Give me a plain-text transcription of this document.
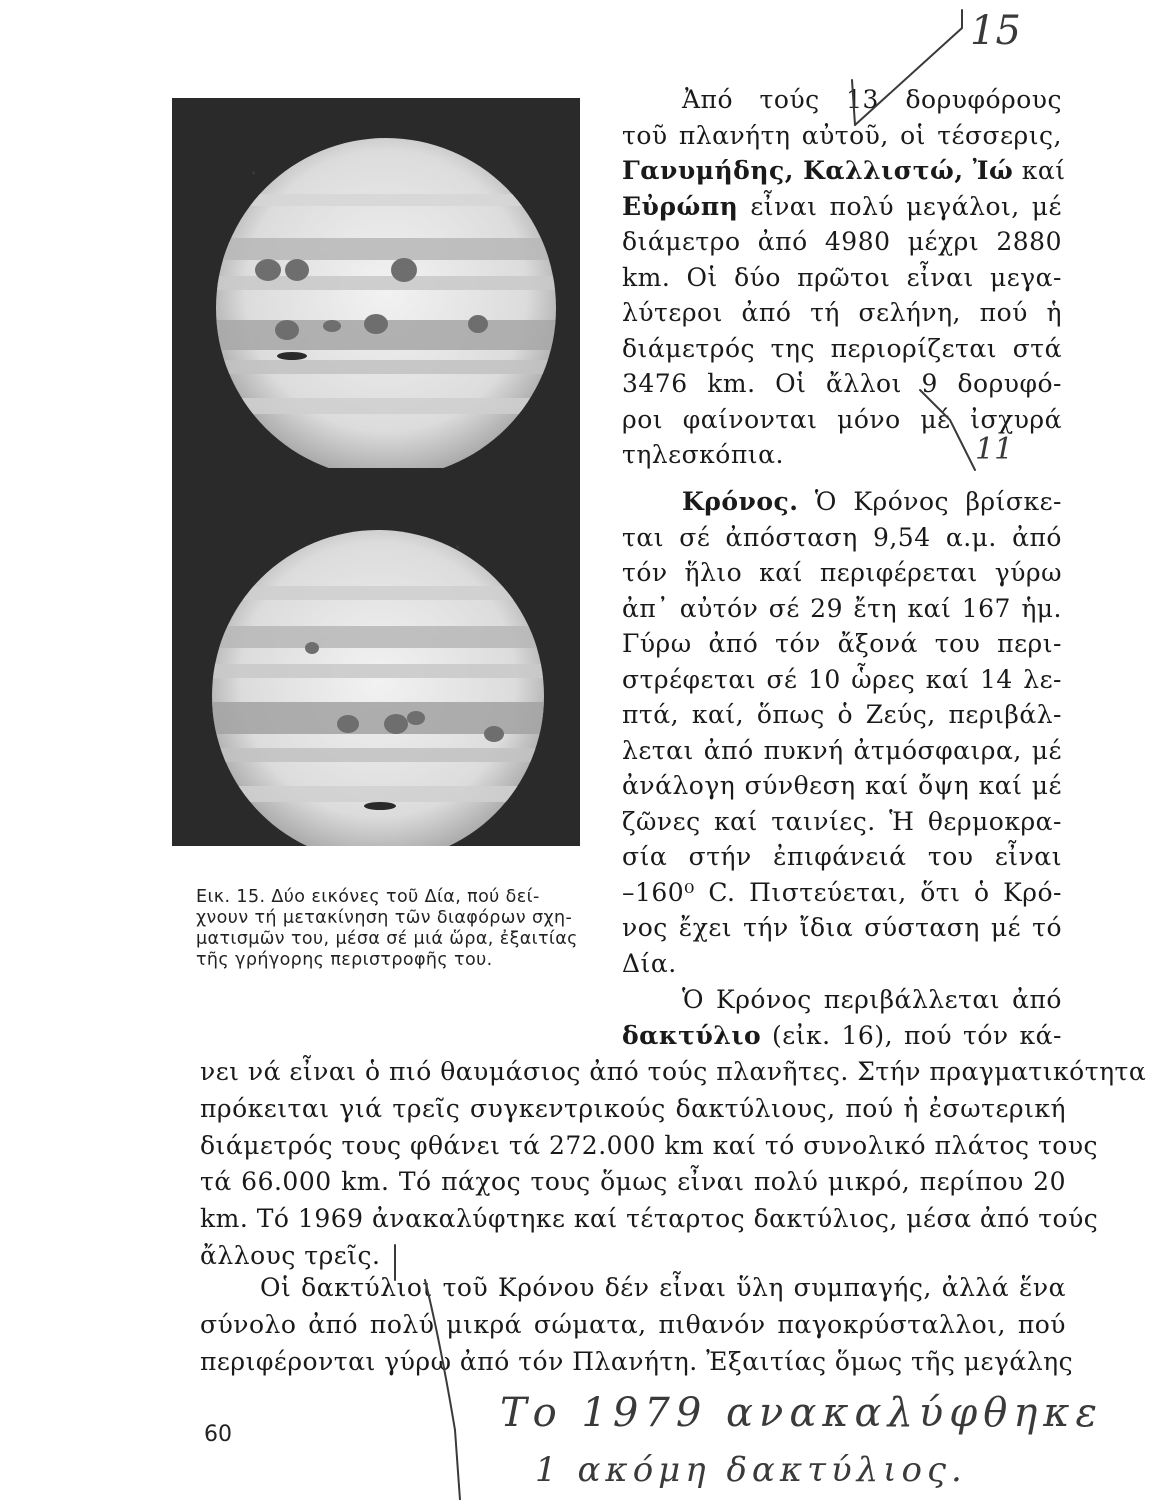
Εικ. 15. Δύο εικόνες τοῦ Δία, πού δεί-
χνουν τή μετακίνηση τῶν διαφόρων σχη-
ματισμῶν του, μέσα σέ μιά ὥρα, ἐξαιτίας
τῆς γρήγορης περιστροφῆς του.
Ἀπό τούς 13 δορυφόρους
τοῦ πλανήτη αὐτοῦ, οἱ τέσσερις,
Γανυμήδης, Καλλιστώ, Ἰώ καί
Εὐρώπη εἶναι πολύ μεγάλοι, μέ
διάμετρο ἀπό 4980 μέχρι 2880
km. Οἱ δύο πρῶτοι εἶναι μεγα-
λύτεροι ἀπό τή σελήνη, πού ἡ
διάμετρός της περιορίζεται στά
3476 km. Οἱ ἄλλοι 9 δορυφό-
ροι φαίνονται μόνο μέ ἰσχυρά
τηλεσκόπια.
Κρόνος. Ὁ Κρόνος βρίσκε-
ται σέ ἀπόσταση 9,54 α.μ. ἀπό
τόν ἥλιο καί περιφέρεται γύρω
ἀπ᾽ αὐτόν σέ 29 ἔτη καί 167 ἡμ.
Γύρω ἀπό τόν ἄξονά του περι-
στρέφεται σέ 10 ὧρες καί 14 λε-
πτά, καί, ὅπως ὁ Ζεύς, περιβάλ-
λεται ἀπό πυκνή ἀτμόσφαιρα, μέ
ἀνάλογη σύνθεση καί ὄψη καί μέ
ζῶνες καί ταινίες. Ἡ θερμοκρα-
σία στήν ἐπιφάνειά του εἶναι
–160⁰ C. Πιστεύεται, ὅτι ὁ Κρό-
νος ἔχει τήν ἴδια σύσταση μέ τό
Δία.
Ὁ Κρόνος περιβάλλεται ἀπό
δακτύλιο (εἰκ. 16), πού τόν κά-
νει νά εἶναι ὁ πιό θαυμάσιος ἀπό τούς πλανῆτες. Στήν πραγματικότητα
πρόκειται γιά τρεῖς συγκεντρικούς δακτύλιους, πού ἡ ἐσωτερική
διάμετρός τους φθάνει τά 272.000 km καί τό συνολικό πλάτος τους
τά 66.000 km. Τό πάχος τους ὅμως εἶναι πολύ μικρό, περίπου 20
km. Τό 1969 ἀνακαλύφτηκε καί τέταρτος δακτύλιος, μέσα ἀπό τούς
ἄλλους τρεῖς.
Οἱ δακτύλιοι τοῦ Κρόνου δέν εἶναι ὕλη συμπαγής, ἀλλά ἕνα
σύνολο ἀπό πολύ μικρά σώματα, πιθανόν παγοκρύσταλλοι, πού
περιφέρονται γύρω ἀπό τόν Πλανήτη. Ἐξαιτίας ὅμως τῆς μεγάλης
60
15
11
Το 1979 ανακαλύφθηκε
1 ακόμη δακτύλιος.
